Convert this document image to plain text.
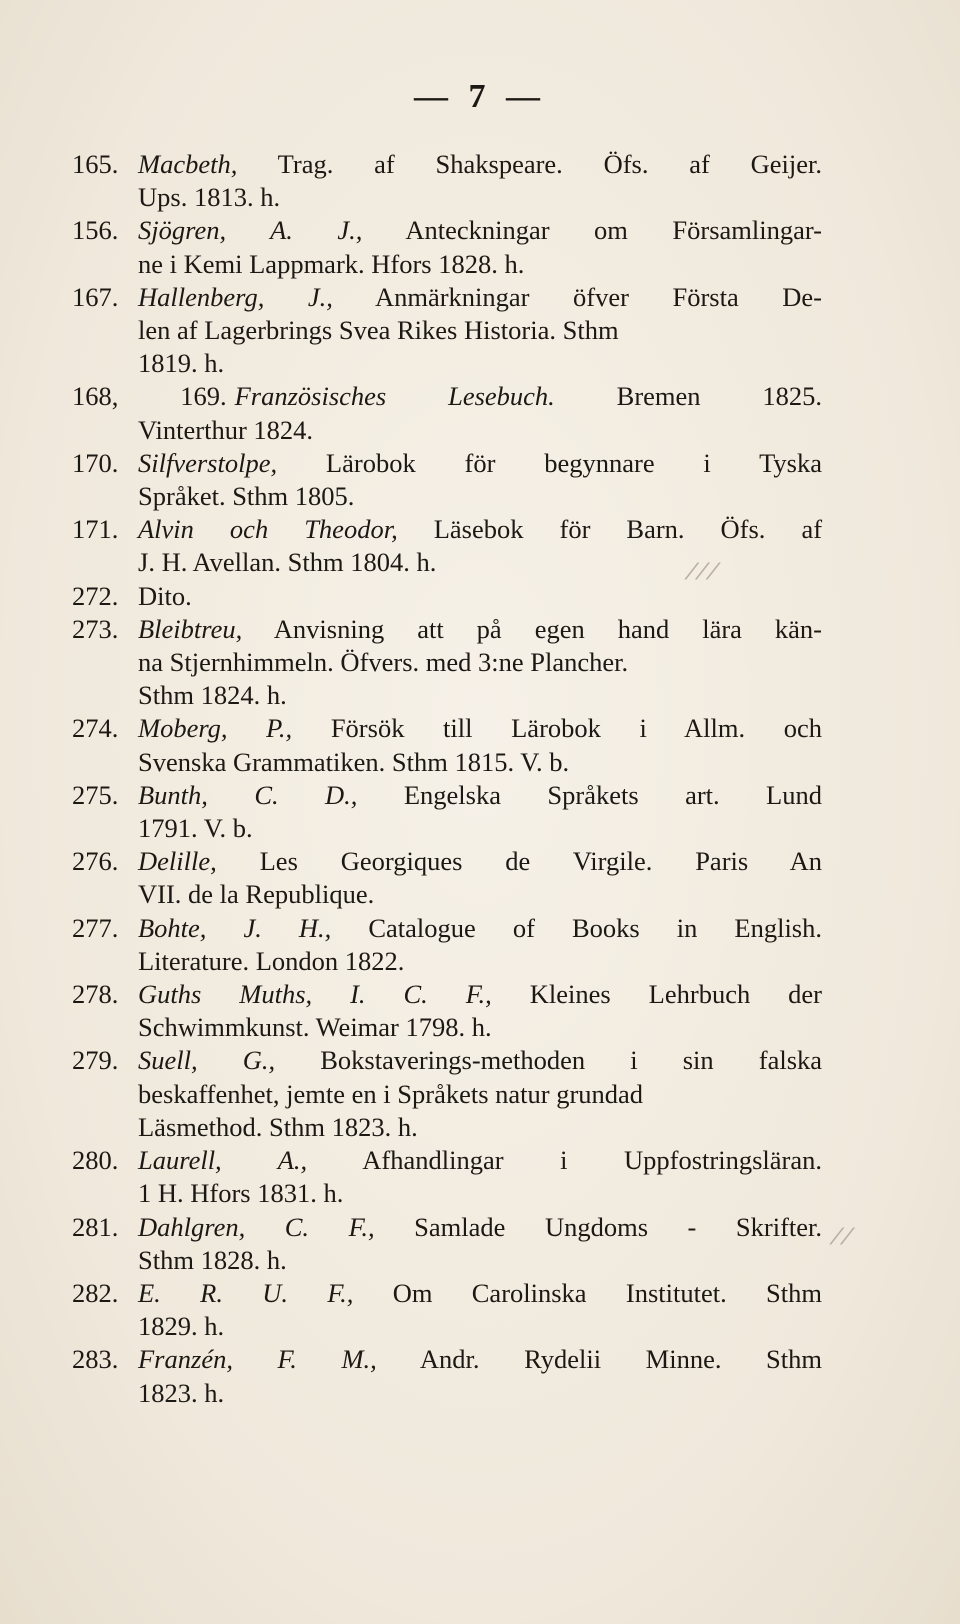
— 7 —
165. Macbeth, Trag. af Shakspeare. Öfs. af Geijer.
Ups. 1813. h.
156. Sjögren, A. J., Anteckningar om Församlingar-
ne i Kemi Lappmark. Hfors 1828. h.
167. Hallenberg, J., Anmärkningar öfver Första De-
len af Lagerbrings Svea Rikes Historia. Sthm
1819. h.
168, 169. Französisches Lesebuch. Bremen 1825.
Vinterthur 1824.
170. Silfverstolpe, Lärobok för begynnare i Tyska
Språket. Sthm 1805.
171. Alvin och Theodor, Läsebok för Barn. Öfs. af
J. H. Avellan. Sthm 1804. h.
272. Dito.
273. Bleibtreu, Anvisning att på egen hand lära kän-
na Stjernhimmeln. Öfvers. med 3:ne Plancher.
Sthm 1824. h.
274. Moberg, P., Försök till Lärobok i Allm. och
Svenska Grammatiken. Sthm 1815. V. b.
275. Bunth, C. D., Engelska Språkets art. Lund
1791. V. b.
276. Delille, Les Georgiques de Virgile. Paris An
VII. de la Republique.
277. Bohte, J. H., Catalogue of Books in English.
Literature. London 1822.
278. Guths Muths, I. C. F., Kleines Lehrbuch der
Schwimmkunst. Weimar 1798. h.
279. Suell, G., Bokstaverings-methoden i sin falska
beskaffenhet, jemte en i Språkets natur grundad
Läsmethod. Sthm 1823. h.
280. Laurell, A., Afhandlingar i Uppfostringsläran.
1 H. Hfors 1831. h.
281. Dahlgren, C. F., Samlade Ungdoms - Skrifter.
Sthm 1828. h.
282. E. R. U. F., Om Carolinska Institutet. Sthm
1829. h.
283. Franzén, F. M., Andr. Rydelii Minne. Sthm
1823. h.
⁄ ⁄ ⁄
⁄ ⁄
